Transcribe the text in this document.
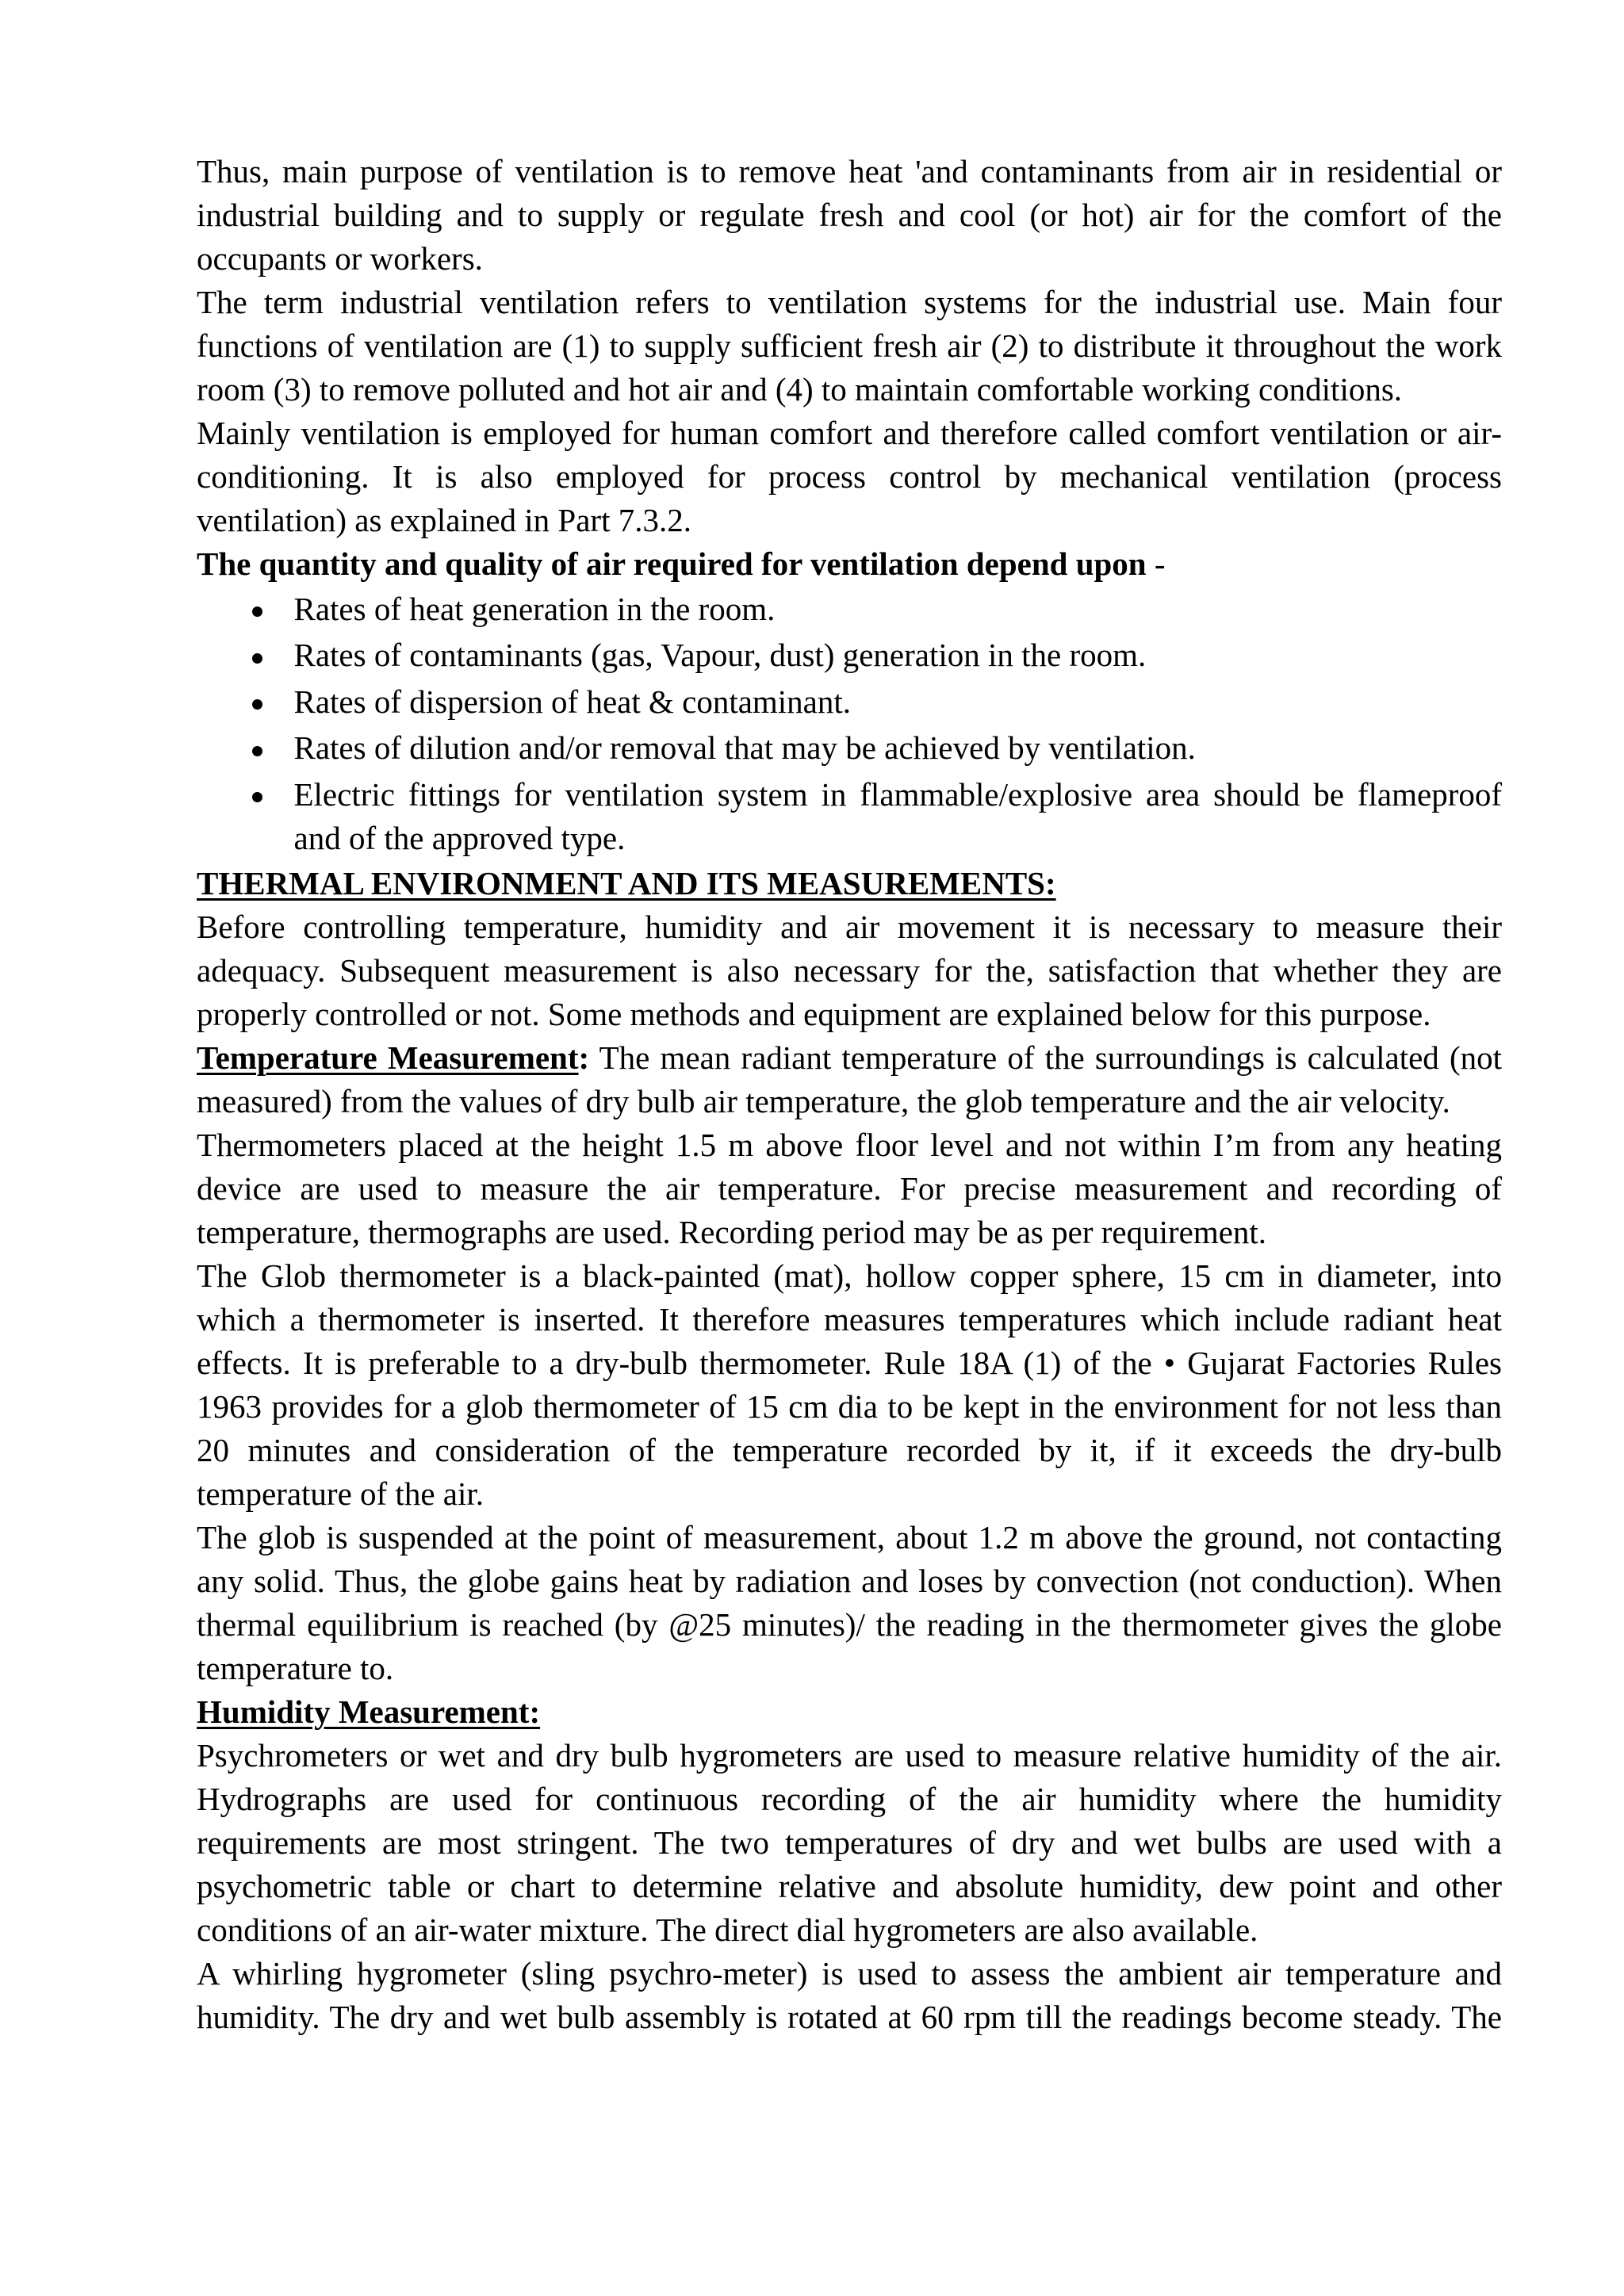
Thus, main purpose of ventilation is to remove heat 'and contaminants from air in residential or
industrial building and to supply or regulate fresh and cool (or hot) air for the comfort of the
occupants or workers.
The term industrial ventilation refers to ventilation systems for the industrial use. Main four
functions of ventilation are (1) to supply sufficient fresh air (2) to distribute it throughout the work
room (3) to remove polluted and hot air and (4) to maintain comfortable working conditions.
Mainly ventilation is employed for human comfort and therefore called comfort ventilation or air-
conditioning. It is also employed for process control by mechanical ventilation (process
ventilation) as explained in Part 7.3.2.
The quantity and quality of air required for ventilation depend upon -
Rates of heat generation in the room.
Rates of contaminants (gas, Vapour, dust) generation in the room.
Rates of dispersion of heat & contaminant.
Rates of dilution and/or removal that may be achieved by ventilation.
Electric fittings for ventilation system in flammable/explosive area should be flameproof
and of the approved type.
THERMAL ENVIRONMENT AND ITS MEASUREMENTS:
Before controlling temperature, humidity and air movement it is necessary to measure their
adequacy. Subsequent measurement is also necessary for the, satisfaction that whether they are
properly controlled or not. Some methods and equipment are explained below for this purpose.
Temperature Measurement: The mean radiant temperature of the surroundings is calculated (not
measured) from the values of dry bulb air temperature, the glob temperature and the air velocity.
Thermometers placed at the height 1.5 m above floor level and not within I’m from any heating
device are used to measure the air temperature. For precise measurement and recording of
temperature, thermographs are used. Recording period may be as per requirement.
The Glob thermometer is a black-painted (mat), hollow copper sphere, 15 cm in diameter, into
which a thermometer is inserted. It therefore measures temperatures which include radiant heat
effects. It is preferable to a dry-bulb thermometer. Rule 18A (1) of the • Gujarat Factories Rules
1963 provides for a glob thermometer of 15 cm dia to be kept in the environment for not less than
20 minutes and consideration of the temperature recorded by it, if it exceeds the dry-bulb
temperature of the air.
The glob is suspended at the point of measurement, about 1.2 m above the ground, not contacting
any solid. Thus, the globe gains heat by radiation and loses by convection (not conduction). When
thermal equilibrium is reached (by @25 minutes)/ the reading in the thermometer gives the globe
temperature to.
Humidity Measurement:
Psychrometers or wet and dry bulb hygrometers are used to measure relative humidity of the air.
Hydrographs are used for continuous recording of the air humidity where the humidity
requirements are most stringent. The two temperatures of dry and wet bulbs are used with a
psychometric table or chart to determine relative and absolute humidity, dew point and other
conditions of an air-water mixture. The direct dial hygrometers are also available.
A whirling hygrometer (sling psychro-meter) is used to assess the ambient air temperature and
humidity. The dry and wet bulb assembly is rotated at 60 rpm till the readings become steady. The
